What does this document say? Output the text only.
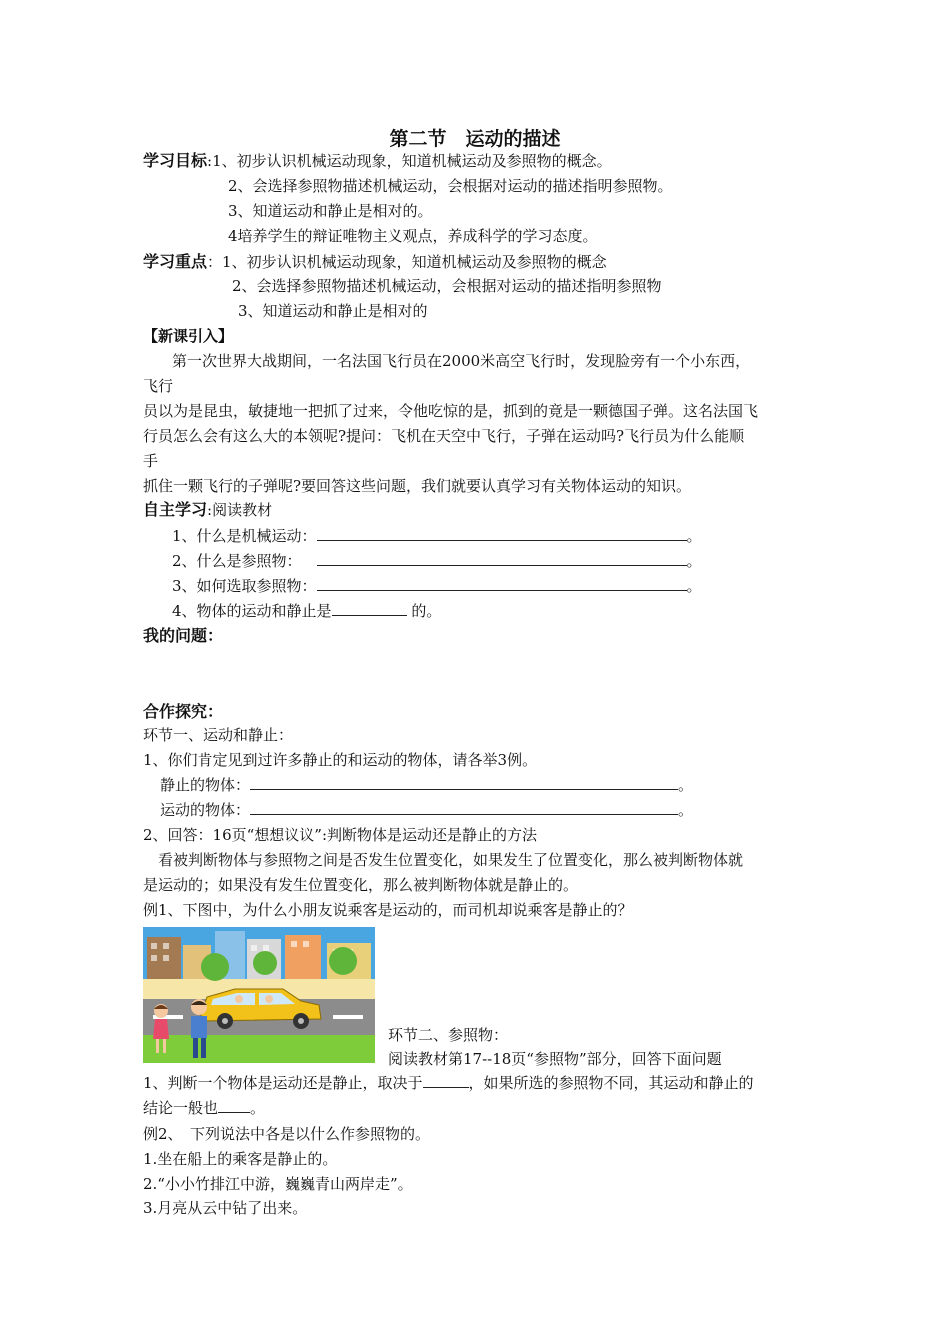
第二节　运动的描述
学习目标:1、初步认识机械运动现象，知道机械运动及参照物的概念。
2、会选择参照物描述机械运动，会根据对运动的描述指明参照物。
3、知道运动和静止是相对的。
4培养学生的辩证唯物主义观点，养成科学的学习态度。
学习重点：1、初步认识机械运动现象，知道机械运动及参照物的概念
2、会选择参照物描述机械运动，会根据对运动的描述指明参照物
3、知道运动和静止是相对的
【新课引入】
第一次世界大战期间，一名法国飞行员在2000米高空飞行时，发现脸旁有一个小东西，
飞行
员以为是昆虫，敏捷地一把抓了过来，令他吃惊的是，抓到的竟是一颗德国子弹。这名法国飞
行员怎么会有这么大的本领呢?提问：飞机在天空中飞行，子弹在运动吗?飞行员为什么能顺
手
抓住一颗飞行的子弹呢?要回答这些问题，我们就要认真学习有关物体运动的知识。
自主学习:阅读教材
1、什么是机械运动：	。
2、什么是参照物：	。
3、如何选取参照物：	。
4、物体的运动和静止是	的。
我的问题：
合作探究：
环节一、运动和静止：
1、你们肯定见到过许多静止的和运动的物体，请各举3例。
静止的物体：	。
运动的物体：	。
2、回答：16页“想想议议”:判断物体是运动还是静止的方法
看被判断物体与参照物之间是否发生位置变化，如果发生了位置变化，那么被判断物体就
是运动的；如果没有发生位置变化，那么被判断物体就是静止的。
例1、下图中，为什么小朋友说乘客是运动的，而司机却说乘客是静止的？
环节二、参照物：
阅读教材第17--18页“参照物”部分，回答下面问题
1、判断一个物体是运动还是静止，取决于	，如果所选的参照物不同，其运动和静止的
结论一般也 。
例2、　下列说法中各是以什么作参照物的。
1.坐在船上的乘客是静止的。
2.“小小竹排江中游，巍巍青山两岸走”。
3.月亮从云中钻了出来。
